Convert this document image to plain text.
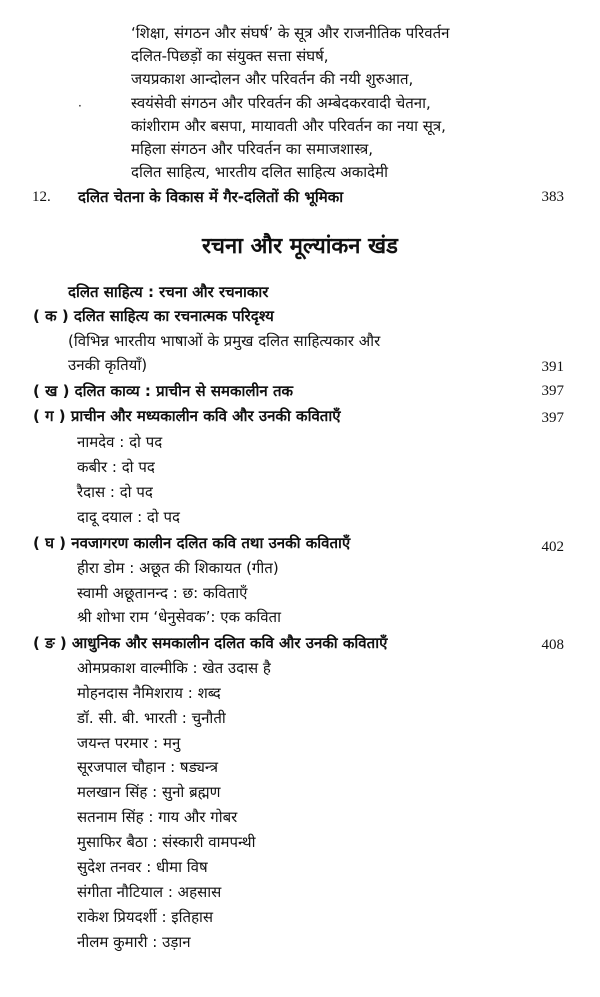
‘शिक्षा, संगठन और संघर्ष’ के सूत्र और राजनीतिक परिवर्तन
दलित-पिछड़ों का संयुक्त सत्ता संघर्ष,
जयप्रकाश आन्दोलन और परिवर्तन की नयी शुरुआत,
·	स्वयंसेवी संगठन और परिवर्तन की अम्बेदकरवादी चेतना,
कांशीराम और बसपा, मायावती और परिवर्तन का नया सूत्र,
महिला संगठन और परिवर्तन का समाजशास्त्र,
दलित साहित्य, भारतीय दलित साहित्य अकादेमी
12. दलित चेतना के विकास में गैर-दलितों की भूमिका	383
रचना और मूल्यांकन खंड
दलित साहित्य : रचना और रचनाकार
( क ) दलित साहित्य का रचनात्मक परिदृश्य
(विभिन्न भारतीय भाषाओं के प्रमुख दलित साहित्यकार और
उनकी कृतियाँ)	391
( ख ) दलित काव्य : प्राचीन से समकालीन तक	397
( ग ) प्राचीन और मध्यकालीन कवि और उनकी कविताएँ	397
नामदेव : दो पद
कबीर : दो पद
रैदास : दो पद
दादू दयाल : दो पद
( घ ) नवजागरण कालीन दलित कवि तथा उनकी कविताएँ	402
हीरा डोम : अछूत की शिकायत (गीत)
स्वामी अछूतानन्द : छ: कविताएँ
श्री शोभा राम ‘धेनुसेवक’: एक कविता
( ङ ) आधुनिक और समकालीन दलित कवि और उनकी कविताएँ	408
ओमप्रकाश वाल्मीकि : खेत उदास है
मोहनदास नैमिशराय : शब्द
डॉ. सी. बी. भारती : चुनौती
जयन्त परमार : मनु
सूरजपाल चौहान : षड्यन्त्र
मलखान सिंह : सुनो ब्रह्मण
सतनाम सिंह : गाय और गोबर
मुसाफिर बैठा : संस्कारी वामपन्थी
सुदेश तनवर : धीमा विष
संगीता नौटियाल : अहसास
राकेश प्रियदर्शी : इतिहास
नीलम कुमारी : उड़ान
